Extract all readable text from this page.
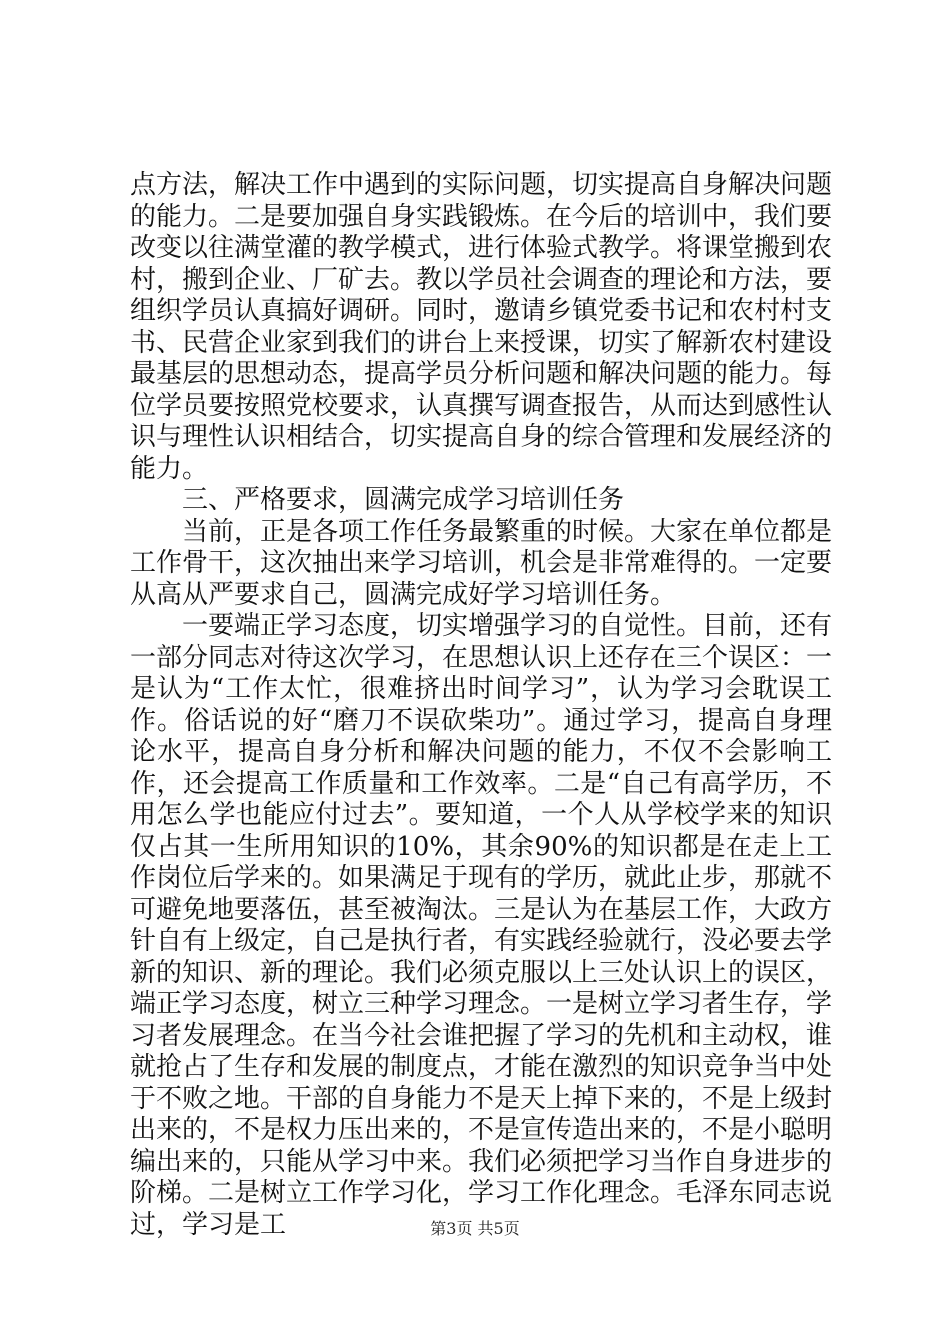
点方法，解决工作中遇到的实际问题，切实提高自身解决问题的能力。二是要加强自身实践锻炼。在今后的培训中，我们要改变以往满堂灌的教学模式，进行体验式教学。将课堂搬到农村，搬到企业、厂矿去。教以学员社会调查的理论和方法，要组织学员认真搞好调研。同时，邀请乡镇党委书记和农村村支书、民营企业家到我们的讲台上来授课，切实了解新农村建设最基层的思想动态，提高学员分析问题和解决问题的能力。每位学员要按照党校要求，认真撰写调查报告，从而达到感性认识与理性认识相结合，切实提高自身的综合管理和发展经济的能力。

三、严格要求，圆满完成学习培训任务

当前，正是各项工作任务最繁重的时候。大家在单位都是工作骨干，这次抽出来学习培训，机会是非常难得的。一定要从高从严要求自己，圆满完成好学习培训任务。

一要端正学习态度，切实增强学习的自觉性。目前，还有一部分同志对待这次学习，在思想认识上还存在三个误区：一是认为“工作太忙，很难挤出时间学习”，认为学习会耽误工作。俗话说的好“磨刀不误砍柴功”。通过学习，提高自身理论水平，提高自身分析和解决问题的能力，不仅不会影响工作，还会提高工作质量和工作效率。二是“自己有高学历，不用怎么学也能应付过去”。要知道，一个人从学校学来的知识仅占其一生所用知识的10%，其余90%的知识都是在走上工作岗位后学来的。如果满足于现有的学历，就此止步，那就不可避免地要落伍，甚至被淘汰。三是认为在基层工作，大政方针自有上级定，自己是执行者，有实践经验就行，没必要去学新的知识、新的理论。我们必须克服以上三处认识上的误区，端正学习态度，树立三种学习理念。一是树立学习者生存，学习者发展理念。在当今社会谁把握了学习的先机和主动权，谁就抢占了生存和发展的制度点，才能在激烈的知识竞争当中处于不败之地。干部的自身能力不是天上掉下来的，不是上级封出来的，不是权力压出来的，不是宣传造出来的，不是小聪明编出来的，只能从学习中来。我们必须把学习当作自身进步的阶梯。二是树立工作学习化，学习工作化理念。毛泽东同志说过，学习是工	第3页 共5页
